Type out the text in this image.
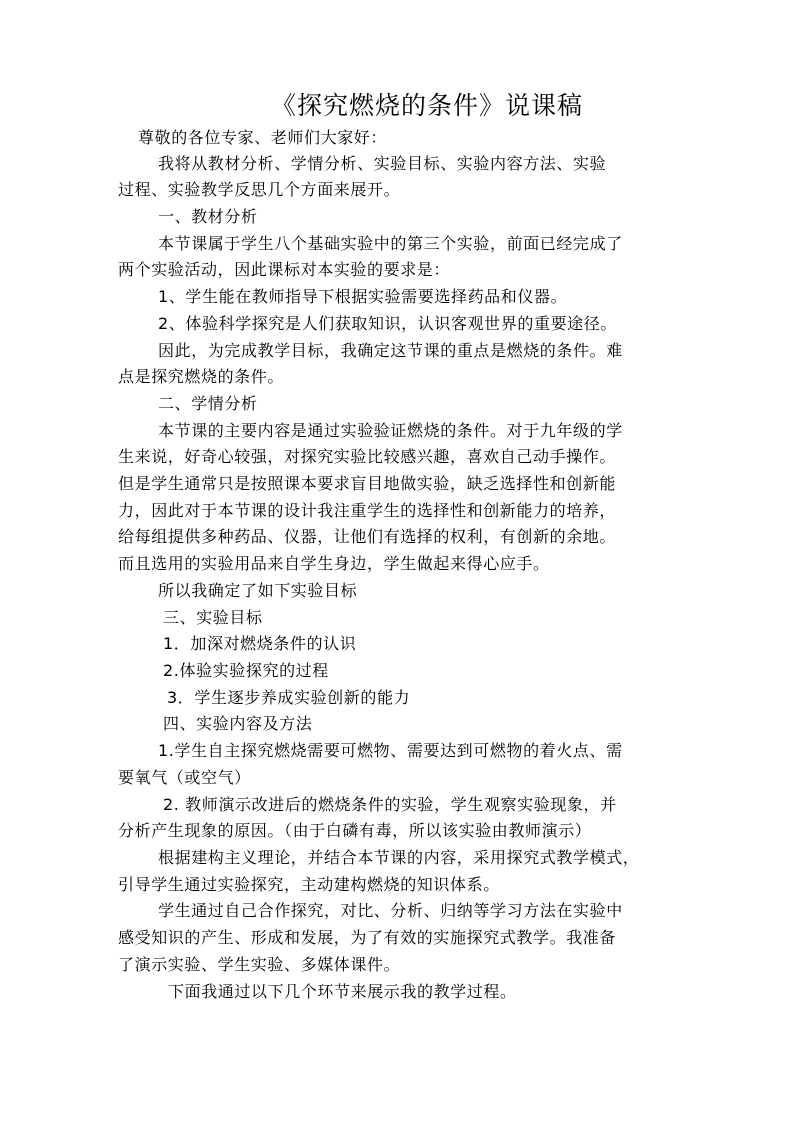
《探究燃烧的条件》说课稿
尊敬的各位专家、老师们大家好：
我将从教材分析、学情分析、实验目标、实验内容方法、实验
过程、实验教学反思几个方面来展开。
一、教材分析
本节课属于学生八个基础实验中的第三个实验，前面已经完成了
两个实验活动，因此课标对本实验的要求是：
1、学生能在教师指导下根据实验需要选择药品和仪器。
2、体验科学探究是人们获取知识，认识客观世界的重要途径。
因此，为完成教学目标，我确定这节课的重点是燃烧的条件。难
点是探究燃烧的条件。
二、学情分析
本节课的主要内容是通过实验验证燃烧的条件。对于九年级的学
生来说，好奇心较强，对探究实验比较感兴趣，喜欢自己动手操作。
但是学生通常只是按照课本要求盲目地做实验，缺乏选择性和创新能
力，因此对于本节课的设计我注重学生的选择性和创新能力的培养，
给每组提供多种药品、仪器，让他们有选择的权利，有创新的余地。
而且选用的实验用品来自学生身边，学生做起来得心应手。
所以我确定了如下实验目标
三、实验目标
1．加深对燃烧条件的认识
2.体验实验探究的过程
3．学生逐步养成实验创新的能力
四、实验内容及方法
1.学生自主探究燃烧需要可燃物、需要达到可燃物的着火点、需
要氧气（或空气）
2. 教师演示改进后的燃烧条件的实验，学生观察实验现象，并
分析产生现象的原因。（由于白磷有毒，所以该实验由教师演示）
根据建构主义理论，并结合本节课的内容，采用探究式教学模式，
引导学生通过实验探究，主动建构燃烧的知识体系。
学生通过自己合作探究，对比、分析、归纳等学习方法在实验中
感受知识的产生、形成和发展，为了有效的实施探究式教学。我准备
了演示实验、学生实验、多媒体课件。
下面我通过以下几个环节来展示我的教学过程。
